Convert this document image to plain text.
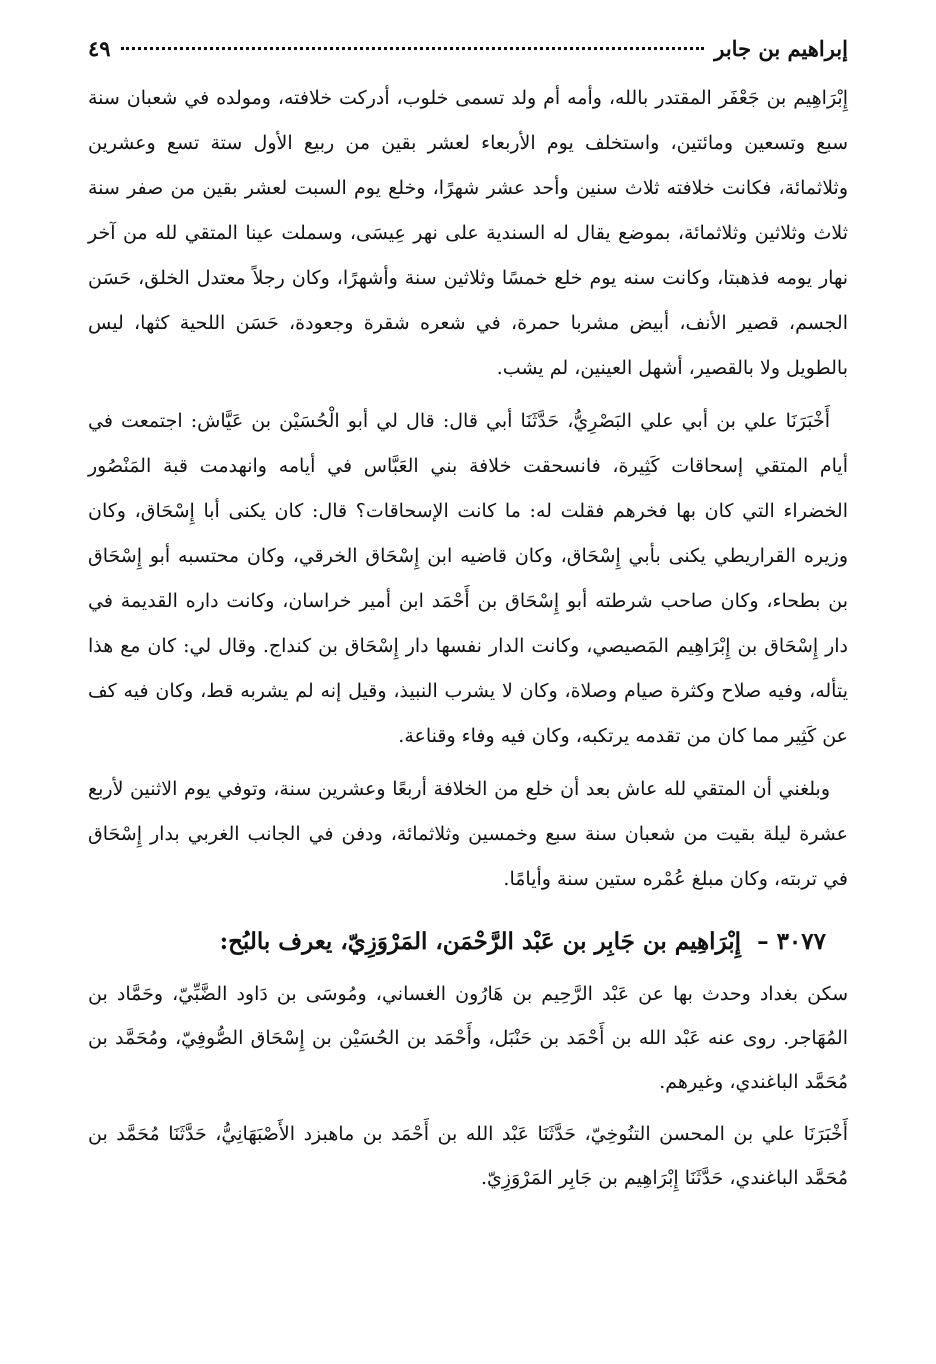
إبراهيم بن جابر
٤٩

إِبْرَاهِيم بن جَعْفَر المقتدر بالله، وأمه أم ولد تسمى خلوب، أدركت خلافته، ومولده في شعبان سنة سبع وتسعين ومائتين، واستخلف يوم الأربعاء لعشر بقين من ربيع الأول ستة تسع وعشرين وثلاثمائة، فكانت خلافته ثلاث سنين وأحد عشر شهرًا، وخلع يوم السبت لعشر بقين من صفر سنة ثلاث وثلاثين وثلاثمائة، بموضع يقال له السندية على نهر عِيسَى، وسملت عينا المتقي لله من آخر نهار يومه فذهبتا، وكانت سنه يوم خلع خمسًا وثلاثين سنة وأشهرًا، وكان رجلاً معتدل الخلق، حَسَن الجسم، قصير الأنف، أبيض مشربا حمرة، في شعره شقرة وجعودة، حَسَن اللحية كثها، ليس بالطويل ولا بالقصير، أشهل العينين، لم يشب.

أَخْبَرَنَا علي بن أبي علي البَصْرِيُّ، حَدَّثَنَا أبي قال: قال لي أبو الْحُسَيْن بن عَيَّاش: اجتمعت في أيام المتقي إسحاقات كَثِيرة، فانسحقت خلافة بني العَبَّاس في أيامه وانهدمت قبة المَنْصُور الخضراء التي كان بها فخرهم فقلت له: ما كانت الإسحاقات؟ قال: كان يكنى أبا إِسْحَاق، وكان وزيره القراريطي يكنى بأبي إِسْحَاق، وكان قاضيه ابن إِسْحَاق الخرقي، وكان محتسبه أبو إِسْحَاق بن بطحاء، وكان صاحب شرطته أبو إِسْحَاق بن أَحْمَد ابن أمير خراسان، وكانت داره القديمة في دار إِسْحَاق بن إِبْرَاهِيم المَصيصي، وكانت الدار نفسها دار إِسْحَاق بن كنداج. وقال لي: كان مع هذا يتأله، وفيه صلاح وكثرة صيام وصلاة، وكان لا يشرب النبيذ، وقيل إنه لم يشربه قط، وكان فيه كف عن كَثِير مما كان من تقدمه يرتكبه، وكان فيه وفاء وقناعة.

وبلغني أن المتقي لله عاش بعد أن خلع من الخلافة أربعًا وعشرين سنة، وتوفي يوم الاثنين لأربع عشرة ليلة بقيت من شعبان سنة سبع وخمسين وثلاثمائة، ودفن في الجانب الغربي بدار إِسْحَاق في تربته، وكان مبلغ عُمْره ستين سنة وأيامًا.

٣٠٧٧ – إِبْرَاهِيم بن جَابِر بن عَبْد الرَّحْمَن، المَرْوَزِيّ، يعرف بالبُح:

سكن بغداد وحدث بها عن عَبْد الرَّحِيم بن هَارُون الغساني، ومُوسَى بن دَاود الضَّبِّيّ، وحَمَّاد بن المُهَاجر. روى عنه عَبْد الله بن أَحْمَد بن حَنْبَل، وأَحْمَد بن الحُسَيْن بن إِسْحَاق الصُّوفِيّ، ومُحَمَّد بن مُحَمَّد الباغندي، وغيرهم.

أَخْبَرَنَا علي بن المحسن التنُوخِيّ، حَدَّثَنَا عَبْد الله بن أَحْمَد بن ماهبزد الأَصْبَهَانِيُّ، حَدَّثَنَا مُحَمَّد بن مُحَمَّد الباغندي، حَدَّثَنَا إِبْرَاهِيم بن جَابِر المَرْوَزِيّ.
